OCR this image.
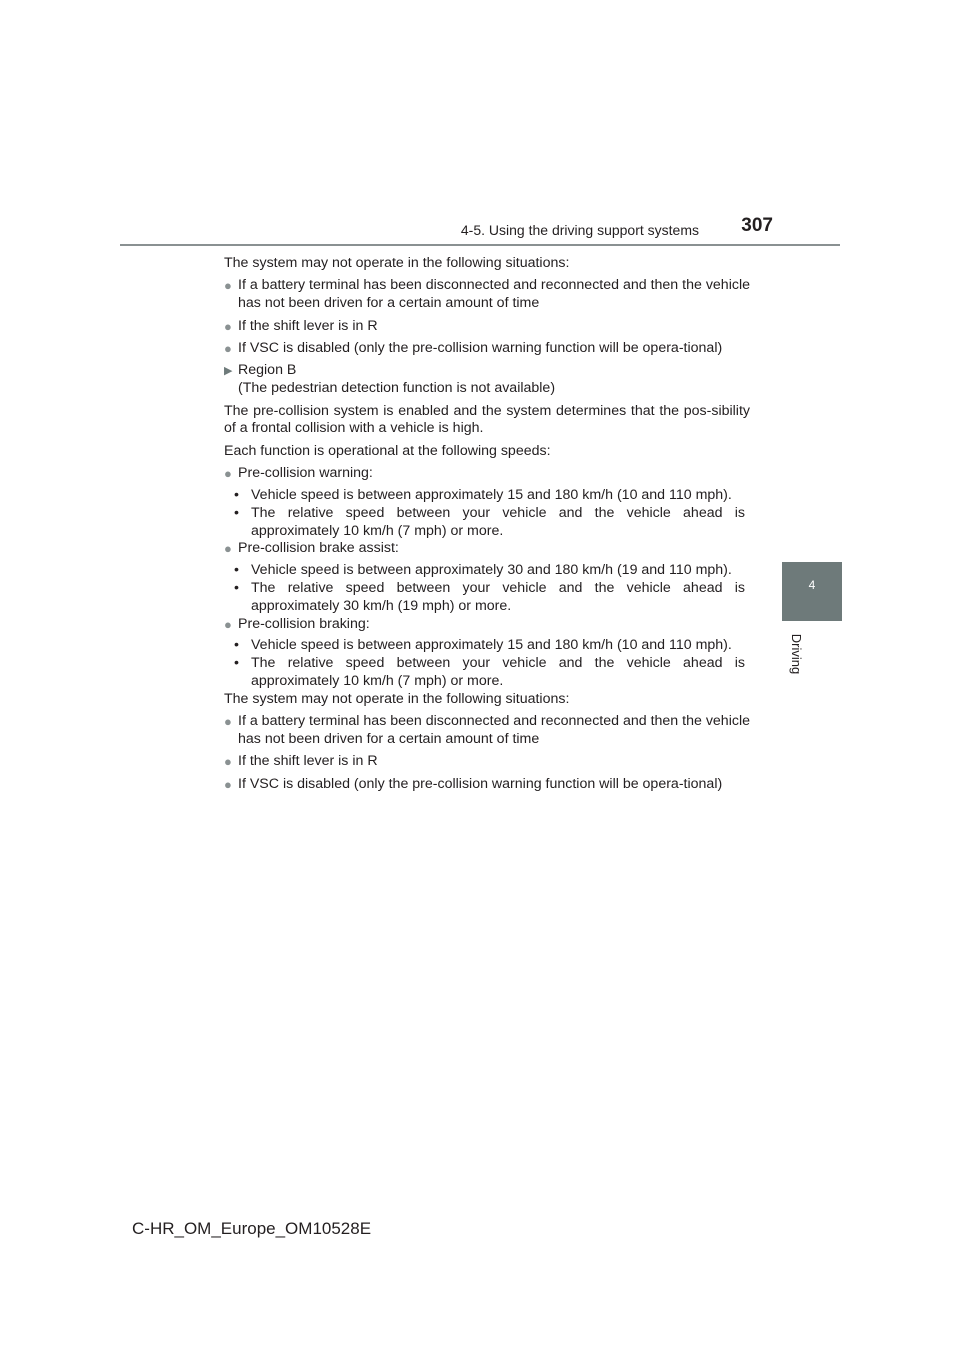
4-5. Using the driving support systems 307
4
Driving

The system may not operate in the following situations:

● If a battery terminal has been disconnected and reconnected and then the vehicle has not been driven for a certain amount of time
● If the shift lever is in R
● If VSC is disabled (only the pre-collision warning function will be opera-tional)
▶ Region B
(The pedestrian detection function is not available)

The pre-collision system is enabled and the system determines that the pos-sibility of a frontal collision with a vehicle is high.

Each function is operational at the following speeds:

● Pre-collision warning:
• Vehicle speed is between approximately 15 and 180 km/h (10 and 110 mph).
• The relative speed between your vehicle and the vehicle ahead is approximately 10 km/h (7 mph) or more.
● Pre-collision brake assist:
• Vehicle speed is between approximately 30 and 180 km/h (19 and 110 mph).
• The relative speed between your vehicle and the vehicle ahead is approximately 30 km/h (19 mph) or more.
● Pre-collision braking:
• Vehicle speed is between approximately 15 and 180 km/h (10 and 110 mph).
• The relative speed between your vehicle and the vehicle ahead is approximately 10 km/h (7 mph) or more.

The system may not operate in the following situations:

● If a battery terminal has been disconnected and reconnected and then the vehicle has not been driven for a certain amount of time
● If the shift lever is in R
● If VSC is disabled (only the pre-collision warning function will be opera-tional)
C-HR_OM_Europe_OM10528E
